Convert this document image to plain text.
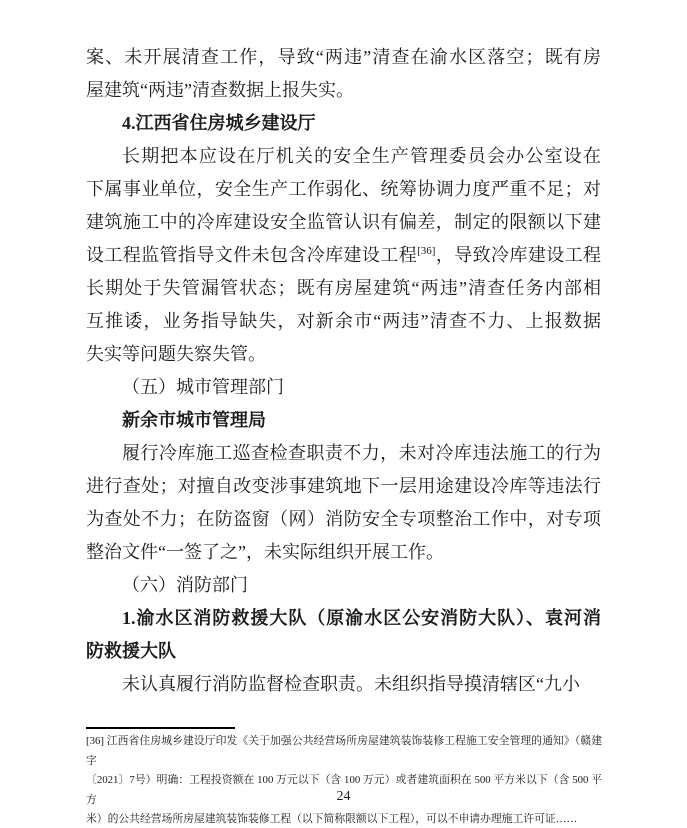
案、未开展清查工作，导致“两违”清查在渝水区落空；既有房
屋建筑“两违”清查数据上报失实。
4.江西省住房城乡建设厅
长期把本应设在厅机关的安全生产管理委员会办公室设在
下属事业单位，安全生产工作弱化、统筹协调力度严重不足；对
建筑施工中的冷库建设安全监管认识有偏差，制定的限额以下建
设工程监管指导文件未包含冷库建设工程[36]，导致冷库建设工程
长期处于失管漏管状态；既有房屋建筑“两违”清查任务内部相
互推诿，业务指导缺失，对新余市“两违”清查不力、上报数据
失实等问题失察失管。
（五）城市管理部门
新余市城市管理局
履行冷库施工巡查检查职责不力，未对冷库违法施工的行为
进行查处；对擅自改变涉事建筑地下一层用途建设冷库等违法行
为查处不力；在防盗窗（网）消防安全专项整治工作中，对专项
整治文件“一签了之”，未实际组织开展工作。
（六）消防部门
1.渝水区消防救援大队（原渝水区公安消防大队）、袁河消
防救援大队
未认真履行消防监督检查职责。未组织指导摸清辖区“九小
[36] 江西省住房城乡建设厅印发《关于加强公共经营场所房屋建筑装饰装修工程施工安全管理的通知》（赣建字
〔2021〕7号）明确：工程投资额在 100 万元以下（含 100 万元）或者建筑面积在 500 平方米以下（含 500 平方
米）的公共经营场所房屋建筑装饰装修工程（以下简称限额以下工程），可以不申请办理施工许可证……
24
